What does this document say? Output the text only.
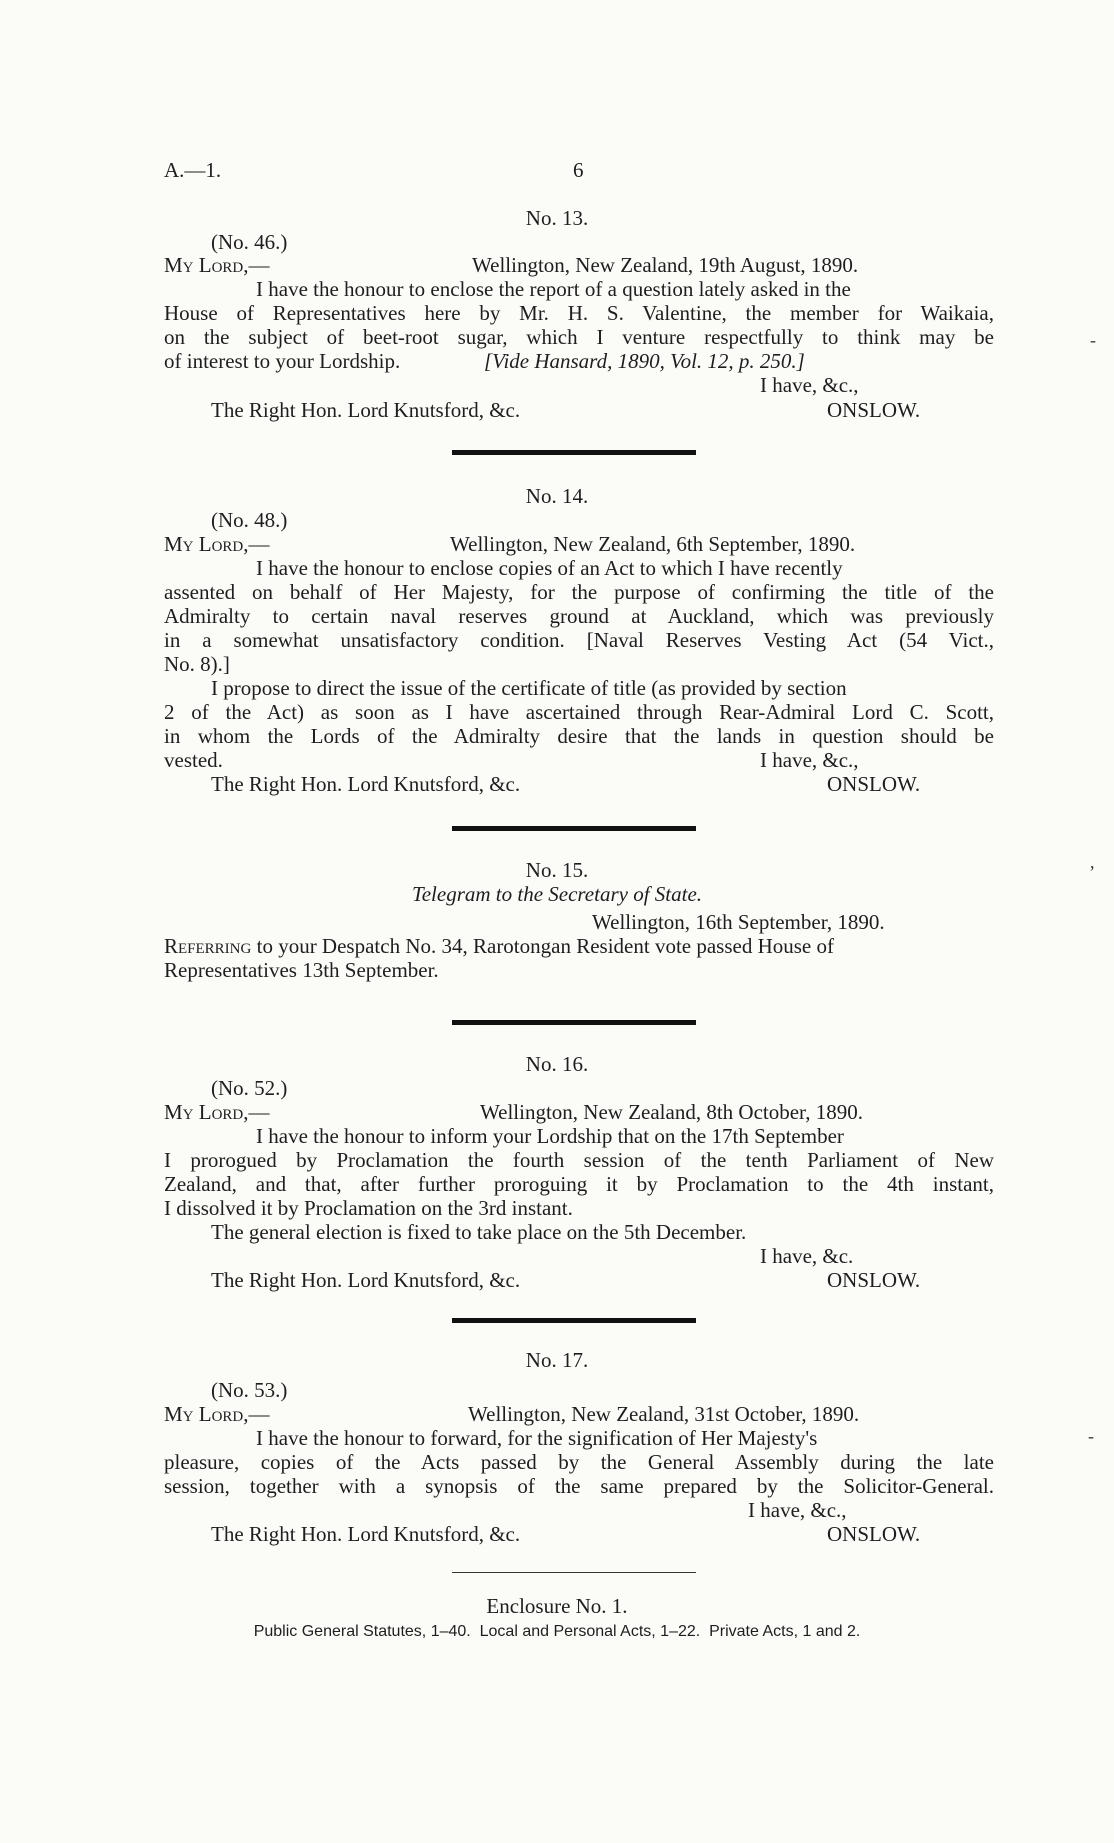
A.—1.	6
No. 13.
(No. 46.)
My Lord,—	Wellington, New Zealand, 19th August, 1890.
I have the honour to enclose the report of a question lately asked in the
House of Representatives here by Mr. H. S. Valentine, the member for Waikaia,
on the subject of beet-root sugar, which I venture respectfully to think may be
of interest to your Lordship.	[Vide Hansard, 1890, Vol. 12, p. 250.]
I have, &c.,
The Right Hon. Lord Knutsford, &c.	ONSLOW.
No. 14.
(No. 48.)
My Lord,—	Wellington, New Zealand, 6th September, 1890.
I have the honour to enclose copies of an Act to which I have recently
assented on behalf of Her Majesty, for the purpose of confirming the title of the
Admiralty to certain naval reserves ground at Auckland, which was previously
in a somewhat unsatisfactory condition. [Naval Reserves Vesting Act (54 Vict.,
No. 8).]
I propose to direct the issue of the certificate of title (as provided by section
2 of the Act) as soon as I have ascertained through Rear-Admiral Lord C. Scott,
in whom the Lords of the Admiralty desire that the lands in question should be
vested.	I have, &c.,
The Right Hon. Lord Knutsford, &c.	ONSLOW.
No. 15.
Telegram to the Secretary of State.
Wellington, 16th September, 1890.
Referring to your Despatch No. 34, Rarotongan Resident vote passed House of
Representatives 13th September.
No. 16.
(No. 52.)
My Lord,—	Wellington, New Zealand, 8th October, 1890.
I have the honour to inform your Lordship that on the 17th September
I prorogued by Proclamation the fourth session of the tenth Parliament of New
Zealand, and that, after further proroguing it by Proclamation to the 4th instant,
I dissolved it by Proclamation on the 3rd instant.
The general election is fixed to take place on the 5th December.
I have, &c.
The Right Hon. Lord Knutsford, &c.	ONSLOW.
No. 17.
(No. 53.)
My Lord,—	Wellington, New Zealand, 31st October, 1890.
I have the honour to forward, for the signification of Her Majesty's
pleasure, copies of the Acts passed by the General Assembly during the late
session, together with a synopsis of the same prepared by the Solicitor-General.
I have, &c.,
The Right Hon. Lord Knutsford, &c.	ONSLOW.
Enclosure No. 1.
Public General Statutes, 1–40.  Local and Personal Acts, 1–22.  Private Acts, 1 and 2.
-
,
-
